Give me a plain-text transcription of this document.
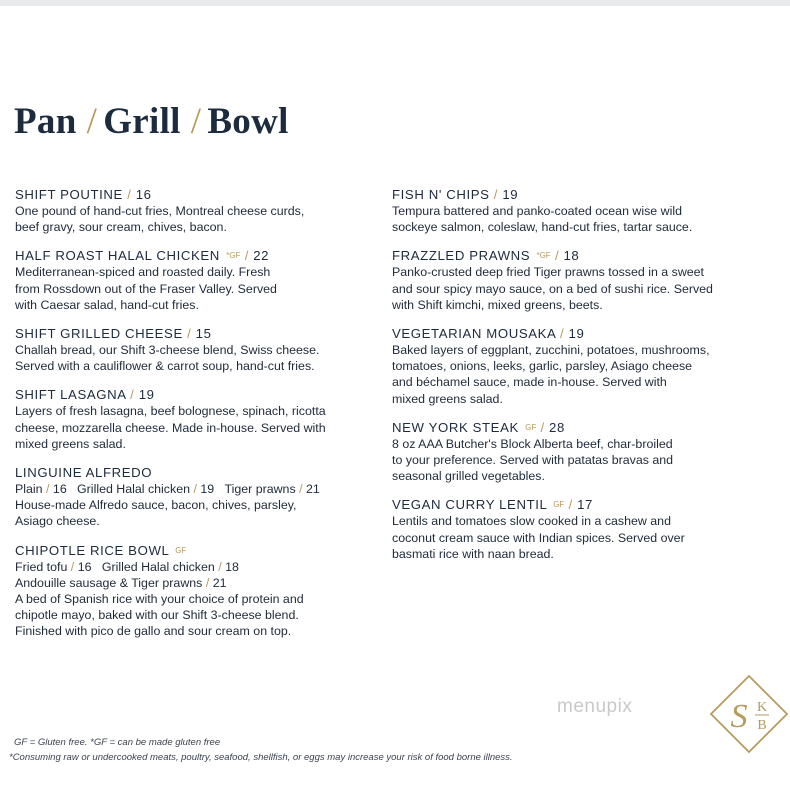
Pan / Grill / Bowl
SHIFT POUTINE / 16
One pound of hand-cut fries, Montreal cheese curds,
beef gravy, sour cream, chives, bacon.
HALF ROAST HALAL CHICKEN $^{*GF}$ / 22
Mediterranean-spiced and roasted daily. Fresh
from Rossdown out of the Fraser Valley. Served
with Caesar salad, hand-cut fries.
SHIFT GRILLED CHEESE / 15
Challah bread, our Shift 3-cheese blend, Swiss cheese.
Served with a cauliflower & carrot soup, hand-cut fries.
SHIFT LASAGNA / 19
Layers of fresh lasagna, beef bolognese, spinach, ricotta
cheese, mozzarella cheese. Made in-house. Served with
mixed greens salad.
LINGUINE ALFREDO
Plain / 16 Grilled Halal chicken / 19 Tiger prawns / 21
House-made Alfredo sauce, bacon, chives, parsley,
Asiago cheese.
CHIPOTLE RICE BOWL $^{GF}$
Fried tofu / 16 Grilled Halal chicken / 18
Andouille sausage & Tiger prawns / 21
A bed of Spanish rice with your choice of protein and
chipotle mayo, baked with our Shift 3-cheese blend.
Finished with pico de gallo and sour cream on top.
FISH N' CHIPS / 19
Tempura battered and panko-coated ocean wise wild
sockeye salmon, coleslaw, hand-cut fries, tartar sauce.
FRAZZLED PRAWNS $^{*GF}$ / 18
Panko-crusted deep fried Tiger prawns tossed in a sweet
and sour spicy mayo sauce, on a bed of sushi rice. Served
with Shift kimchi, mixed greens, beets.
VEGETARIAN MOUSAKA / 19
Baked layers of eggplant, zucchini, potatoes, mushrooms,
tomatoes, onions, leeks, garlic, parsley, Asiago cheese
and béchamel sauce, made in-house. Served with
mixed greens salad.
NEW YORK STEAK $^{GF}$ / 28
8 oz AAA Butcher's Block Alberta beef, char-broiled
to your preference. Served with patatas bravas and
seasonal grilled vegetables.
VEGAN CURRY LENTIL $^{GF}$ / 17
Lentils and tomatoes slow cooked in a cashew and
coconut cream sauce with Indian spices. Served over
basmati rice with naan bread.
menupix	S K
B
GF = Gluten free. *GF = can be made gluten free
*Consuming raw or undercooked meats, poultry, seafood, shellfish, or eggs may increase your risk of food borne illness.
